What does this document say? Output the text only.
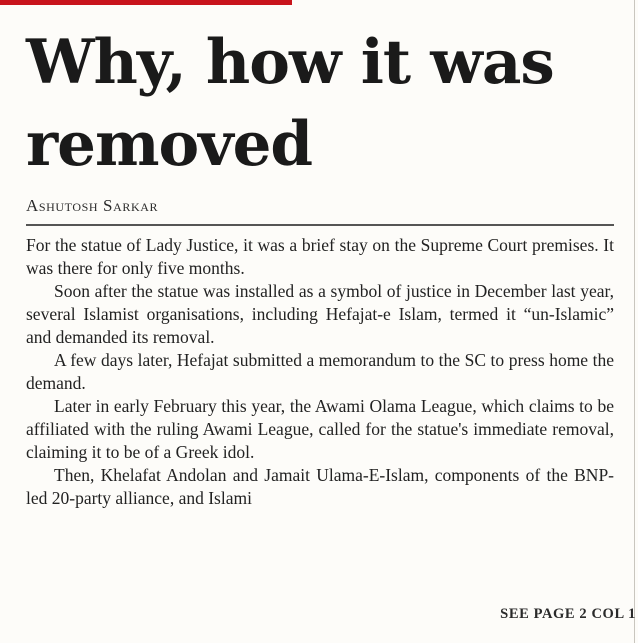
Why, how it was removed
Ashutosh Sarkar

For the statue of Lady Justice, it was a brief stay on the Supreme Court premises. It was there for only five months.

Soon after the statue was installed as a symbol of justice in December last year, several Islamist organisations, including Hefajat-e Islam, termed it “un-Islamic” and demanded its removal.

A few days later, Hefajat submitted a memorandum to the SC to press home the demand.

Later in early February this year, the Awami Olama League, which claims to be affiliated with the ruling Awami League, called for the statue's immediate removal, claiming it to be of a Greek idol.

Then, Khelafat Andolan and Jamait Ulama-E-Islam, components of the BNP-led 20-party alliance, and Islami

SEE PAGE 2 COL 1
